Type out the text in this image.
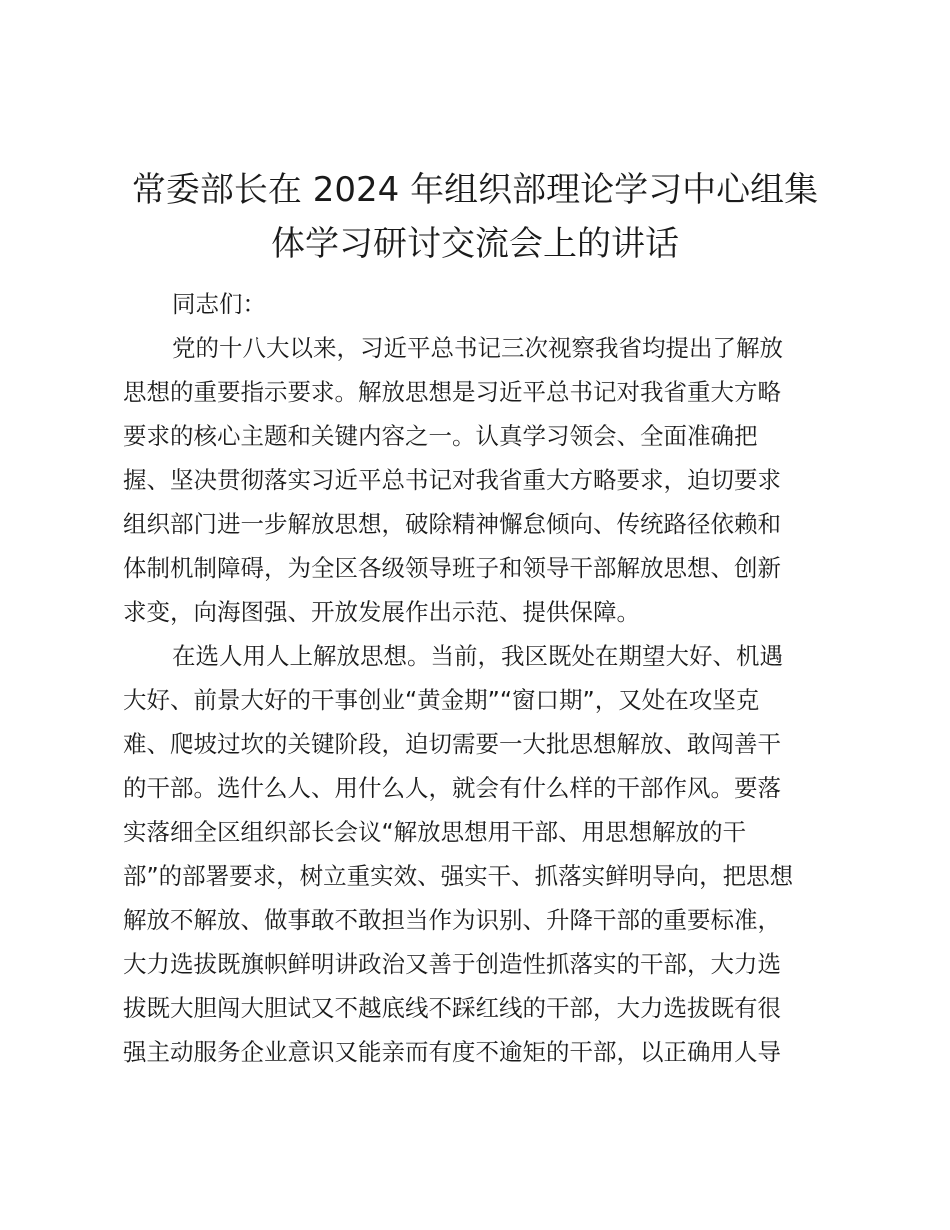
常委部长在 2024 年组织部理论学习中心组集
体学习研讨交流会上的讲话
同志们：
党的十八大以来，习近平总书记三次视察我省均提出了解放
思想的重要指示要求。解放思想是习近平总书记对我省重大方略
要求的核心主题和关键内容之一。认真学习领会、全面准确把
握、坚决贯彻落实习近平总书记对我省重大方略要求，迫切要求
组织部门进一步解放思想，破除精神懈怠倾向、传统路径依赖和
体制机制障碍，为全区各级领导班子和领导干部解放思想、创新
求变，向海图强、开放发展作出示范、提供保障。
在选人用人上解放思想。当前，我区既处在期望大好、机遇
大好、前景大好的干事创业“黄金期”“窗口期”，又处在攻坚克
难、爬坡过坎的关键阶段，迫切需要一大批思想解放、敢闯善干
的干部。选什么人、用什么人，就会有什么样的干部作风。要落
实落细全区组织部长会议“解放思想用干部、用思想解放的干
部”的部署要求，树立重实效、强实干、抓落实鲜明导向，把思想
解放不解放、做事敢不敢担当作为识别、升降干部的重要标准，
大力选拔既旗帜鲜明讲政治又善于创造性抓落实的干部，大力选
拔既大胆闯大胆试又不越底线不踩红线的干部，大力选拔既有很
强主动服务企业意识又能亲而有度不逾矩的干部，以正确用人导
